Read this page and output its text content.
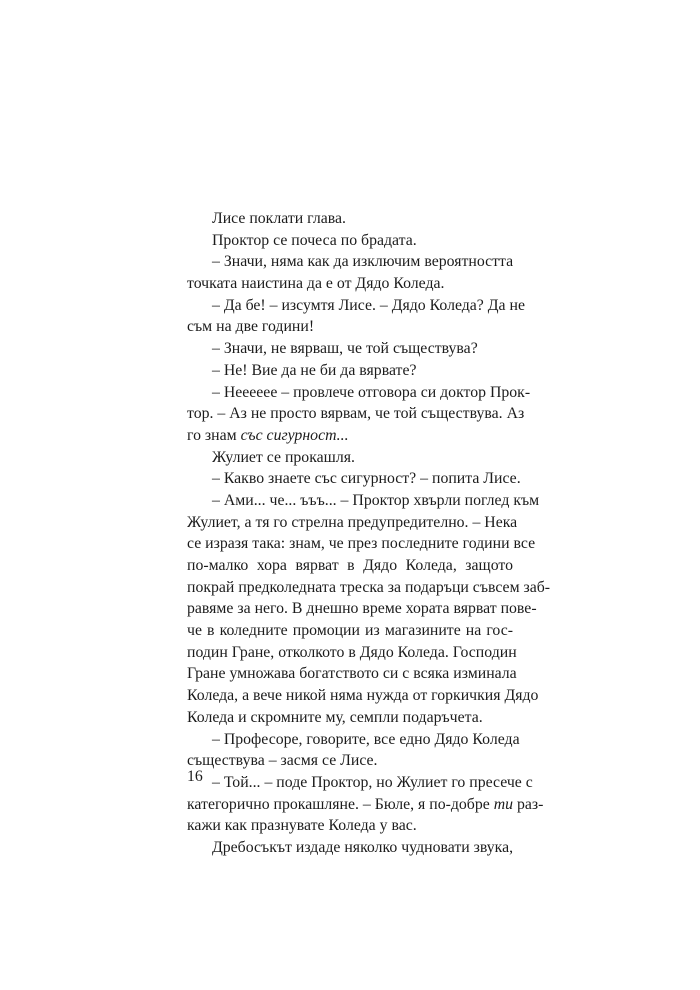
Лисе поклати глава.
Проктор се почеса по брадата.
– Значи, няма как да изключим вероятността
точката наистина да е от Дядо Коледа.
– Да бе! – изсумтя Лисе. – Дядо Коледа? Да не
съм на две години!
– Значи, не вярваш, че той съществува?
– Не! Вие да не би да вярвате?
– Нееееее – провлече отговора си доктор Прок-
тор. – Аз не просто вярвам, че той съществува. Аз
го знам със сигурност...
Жулиет се прокашля.
– Какво знаете със сигурност? – попита Лисе.
– Ами... че... ъъъ... – Проктор хвърли поглед към
Жулиет, а тя го стрелна предупредително. – Нека
се изразя така: знам, че през последните години все
по-малко хора вярват в Дядо Коледа, защото
покрай предколедната треска за подаръци съвсем заб-
равяме за него. В днешно време хората вярват пове-
че в коледните промоции из магазините на гос-
подин Гране, отколкото в Дядо Коледа. Господин
Гране умножава богатството си с всяка изминала
Коледа, а вече никой няма нужда от горкичкия Дядо
Коледа и скромните му, семпли подаръчета.
– Професоре, говорите, все едно Дядо Коледа
съществува – засмя се Лисе.
– Той... – поде Проктор, но Жулиет го пресече с
категорично прокашляне. – Бюле, я по-добре ти раз-
кажи как празнувате Коледа у вас.
Дребосъкът издаде няколко чудновати звука,
16
